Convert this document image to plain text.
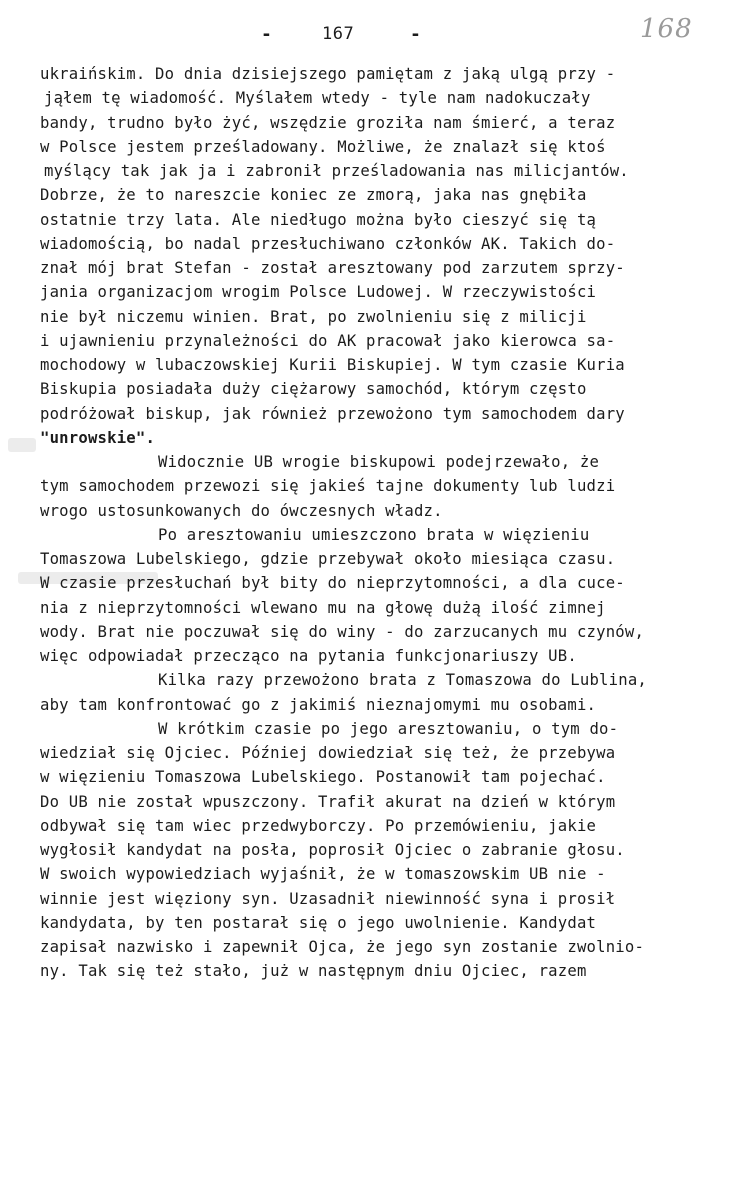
-	167	-	168
ukraińskim. Do dnia dzisiejszego pamiętam z jaką ulgą przy -
jąłem tę wiadomość. Myślałem wtedy - tyle nam nadokuczały
bandy, trudno było żyć, wszędzie groziła nam śmierć, a teraz
w Polsce jestem prześladowany. Możliwe, że znalazł się ktoś
myślący tak jak ja i zabronił prześladowania nas milicjantów.
Dobrze, że to nareszcie koniec ze zmorą, jaka nas gnębiła
ostatnie trzy lata. Ale niedługo można było cieszyć się tą
wiadomością, bo nadal przesłuchiwano członków AK. Takich do-
znał mój brat Stefan - został aresztowany pod zarzutem sprzy-
jania organizacjom wrogim Polsce Ludowej. W rzeczywistości
nie był niczemu winien. Brat, po zwolnieniu się z milicji
i ujawnieniu przynależności do AK pracował jako kierowca sa-
mochodowy w lubaczowskiej Kurii Biskupiej. W tym czasie Kuria
Biskupia posiadała duży ciężarowy samochód, którym często
podróżował biskup, jak również przewożono tym samochodem dary
"unrowskie".
Widocznie UB wrogie biskupowi podejrzewało, że
tym samochodem przewozi się jakieś tajne dokumenty lub ludzi
wrogo ustosunkowanych do ówczesnych władz.
Po aresztowaniu umieszczono brata w więzieniu
Tomaszowa Lubelskiego, gdzie przebywał około miesiąca czasu.
W czasie przesłuchań był bity do nieprzytomności, a dla cuce-
nia z nieprzytomności wlewano mu na głowę dużą ilość zimnej
wody. Brat nie poczuwał się do winy - do zarzucanych mu czynów,
więc odpowiadał przecząco na pytania funkcjonariuszy UB.
Kilka razy przewożono brata z Tomaszowa do Lublina,
aby tam konfrontować go z jakimiś nieznajomymi mu osobami.
W krótkim czasie po jego aresztowaniu, o tym do-
wiedział się Ojciec. Później dowiedział się też, że przebywa
w więzieniu Tomaszowa Lubelskiego. Postanowił tam pojechać.
Do UB nie został wpuszczony. Trafił akurat na dzień w którym
odbywał się tam wiec przedwyborczy. Po przemówieniu, jakie
wygłosił kandydat na posła, poprosił Ojciec o zabranie głosu.
W swoich wypowiedziach wyjaśnił, że w tomaszowskim UB nie -
winnie jest więziony syn. Uzasadnił niewinność syna i prosił
kandydata, by ten postarał się o jego uwolnienie. Kandydat
zapisał nazwisko i zapewnił Ojca, że jego syn zostanie zwolnio-
ny. Tak się też stało, już w następnym dniu Ojciec, razem
